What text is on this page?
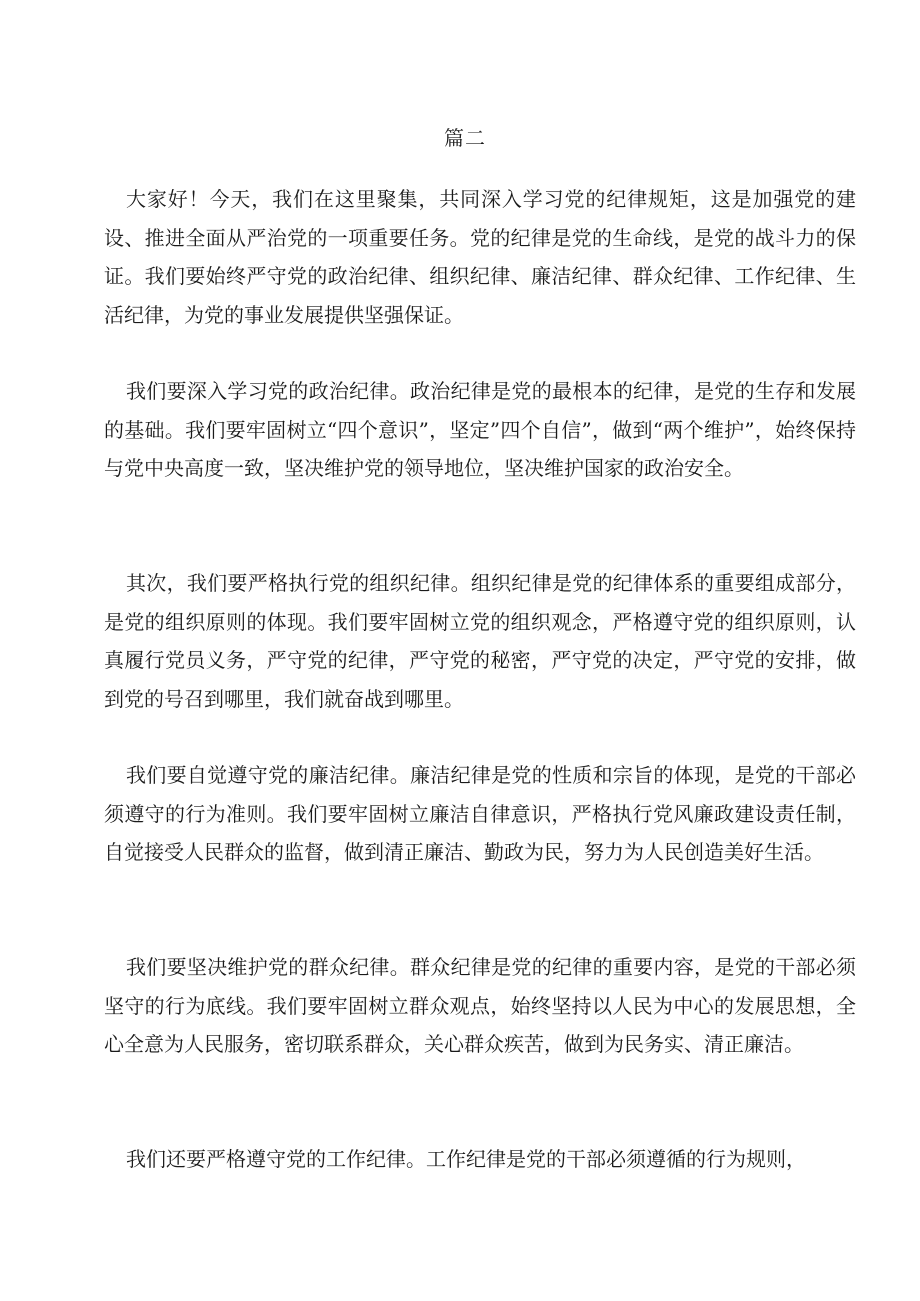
篇二

大家好！今天，我们在这里聚集，共同深入学习党的纪律规矩，这是加强党的建设、推进全面从严治党的一项重要任务。党的纪律是党的生命线，是党的战斗力的保证。我们要始终严守党的政治纪律、组织纪律、廉洁纪律、群众纪律、工作纪律、生活纪律，为党的事业发展提供坚强保证。

我们要深入学习党的政治纪律。政治纪律是党的最根本的纪律，是党的生存和发展的基础。我们要牢固树立“四个意识”，坚定”四个自信”，做到“两个维护”，始终保持与党中央高度一致，坚决维护党的领导地位，坚决维护国家的政治安全。

其次，我们要严格执行党的组织纪律。组织纪律是党的纪律体系的重要组成部分，是党的组织原则的体现。我们要牢固树立党的组织观念，严格遵守党的组织原则，认真履行党员义务，严守党的纪律，严守党的秘密，严守党的决定，严守党的安排，做到党的号召到哪里，我们就奋战到哪里。

我们要自觉遵守党的廉洁纪律。廉洁纪律是党的性质和宗旨的体现，是党的干部必须遵守的行为准则。我们要牢固树立廉洁自律意识，严格执行党风廉政建设责任制，自觉接受人民群众的监督，做到清正廉洁、勤政为民，努力为人民创造美好生活。

我们要坚决维护党的群众纪律。群众纪律是党的纪律的重要内容，是党的干部必须坚守的行为底线。我们要牢固树立群众观点，始终坚持以人民为中心的发展思想，全心全意为人民服务，密切联系群众，关心群众疾苦，做到为民务实、清正廉洁。

我们还要严格遵守党的工作纪律。工作纪律是党的干部必须遵循的行为规则，
